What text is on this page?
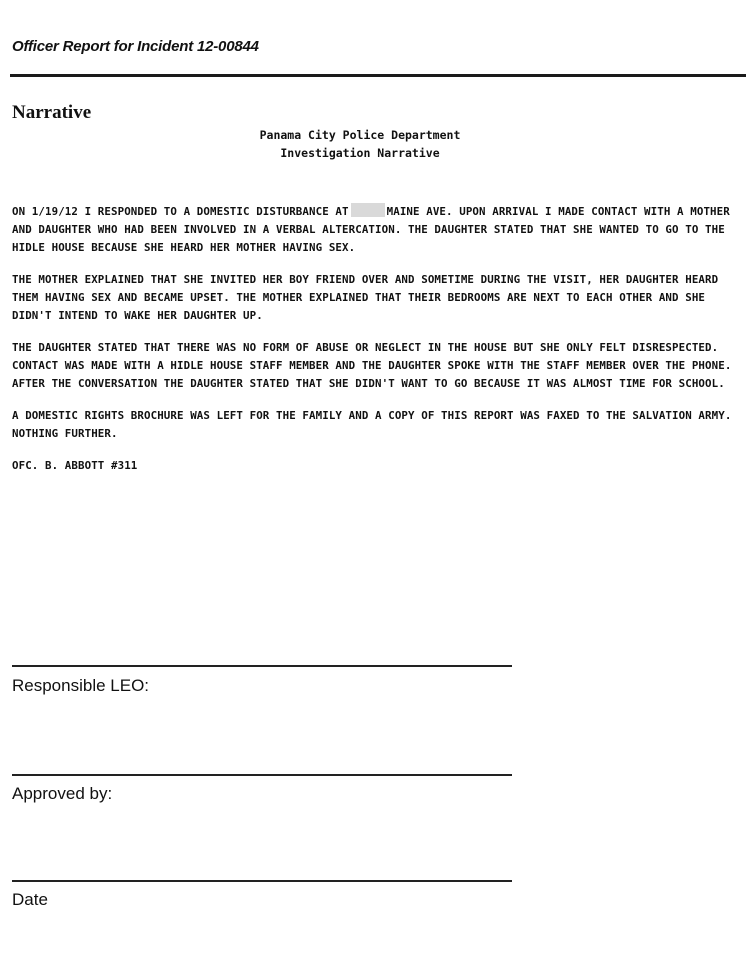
Officer Report for Incident 12-00844
Narrative
Panama City Police Department
Investigation Narrative

ON 1/19/12 I RESPONDED TO A DOMESTIC DISTURBANCE AT	MAINE AVE. UPON ARRIVAL I MADE CONTACT WITH A MOTHER AND DAUGHTER WHO HAD BEEN INVOLVED IN A VERBAL ALTERCATION. THE DAUGHTER STATED THAT SHE WANTED TO GO TO THE HIDLE HOUSE BECAUSE SHE HEARD HER MOTHER HAVING SEX.

THE MOTHER EXPLAINED THAT SHE INVITED HER BOY FRIEND OVER AND SOMETIME DURING THE VISIT, HER DAUGHTER HEARD THEM HAVING SEX AND BECAME UPSET. THE MOTHER EXPLAINED THAT THEIR BEDROOMS ARE NEXT TO EACH OTHER AND SHE DIDN'T INTEND TO WAKE HER DAUGHTER UP.

THE DAUGHTER STATED THAT THERE WAS NO FORM OF ABUSE OR NEGLECT IN THE HOUSE BUT SHE ONLY FELT DISRESPECTED. CONTACT WAS MADE WITH A HIDLE HOUSE STAFF MEMBER AND THE DAUGHTER SPOKE WITH THE STAFF MEMBER OVER THE PHONE. AFTER THE CONVERSATION THE DAUGHTER STATED THAT SHE DIDN'T WANT TO GO BECAUSE IT WAS ALMOST TIME FOR SCHOOL.

A DOMESTIC RIGHTS BROCHURE WAS LEFT FOR THE FAMILY AND A COPY OF THIS REPORT WAS FAXED TO THE SALVATION ARMY. NOTHING FURTHER.

OFC. B. ABBOTT #311

Responsible LEO:
Approved by:
Date
